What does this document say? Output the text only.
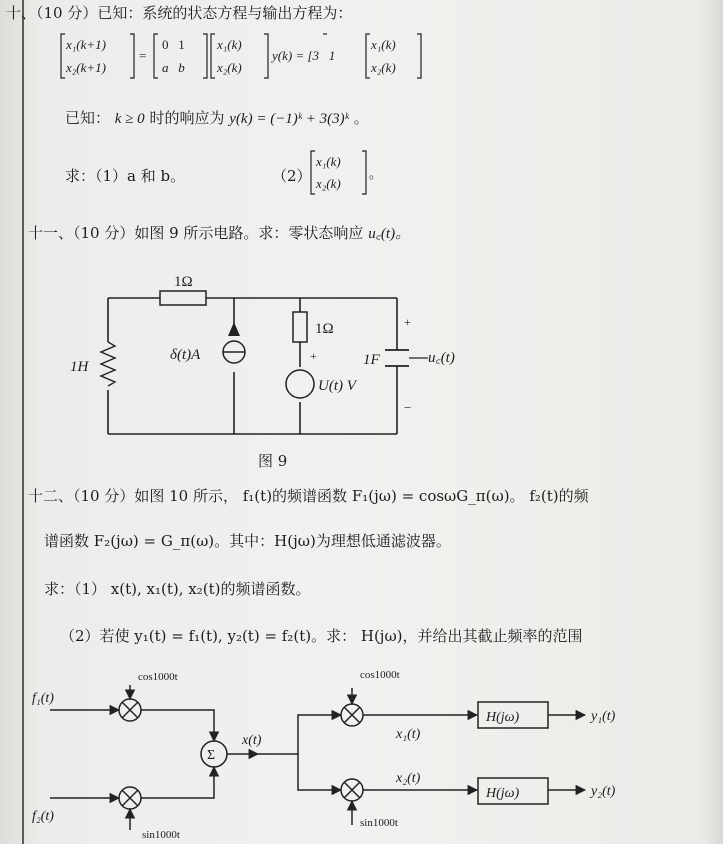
十、（10 分）已知：系统的状态方程与输出方程为：
x₁(k+1)
x₂(k+1)
=
0   1
a   b
x₁(k)
x₂(k)
y(k) = [3   1
x₁(k)
x₂(k)
已知： k ≥ 0 时的响应为 y(k) = (−1)ᵏ + 3(3)ᵏ 。
求：（1）a 和 b。	（2）
x₁(k)
x₂(k)
。
十一、（10 分）如图 9 所示电路。求：零状态响应 u꜀(t)。
1Ω
1H
δ(t)A
1Ω
+
U(t) V
1F
+
u꜀(t)
−
图 9
十二、（10 分）如图 10 所示， f₁(t)的频谱函数 F₁(jω) = cosωG_π(ω)。 f₂(t)的频
谱函数 F₂(jω) = G_π(ω)。其中：H(jω)为理想低通滤波器。
求：（1） x(t), x₁(t), x₂(t)的频谱函数。
（2）若使 y₁(t) = f₁(t), y₂(t) = f₂(t)。求： H(jω)，并给出其截止频率的范围
f₁(t)
f₂(t)
Σ
x(t)	x₁(t)
x₂(t)
H(jω)
H(jω)
y₁(t)
y₂(t)
cos1000t
sin1000t
cos1000t
sin1000t
